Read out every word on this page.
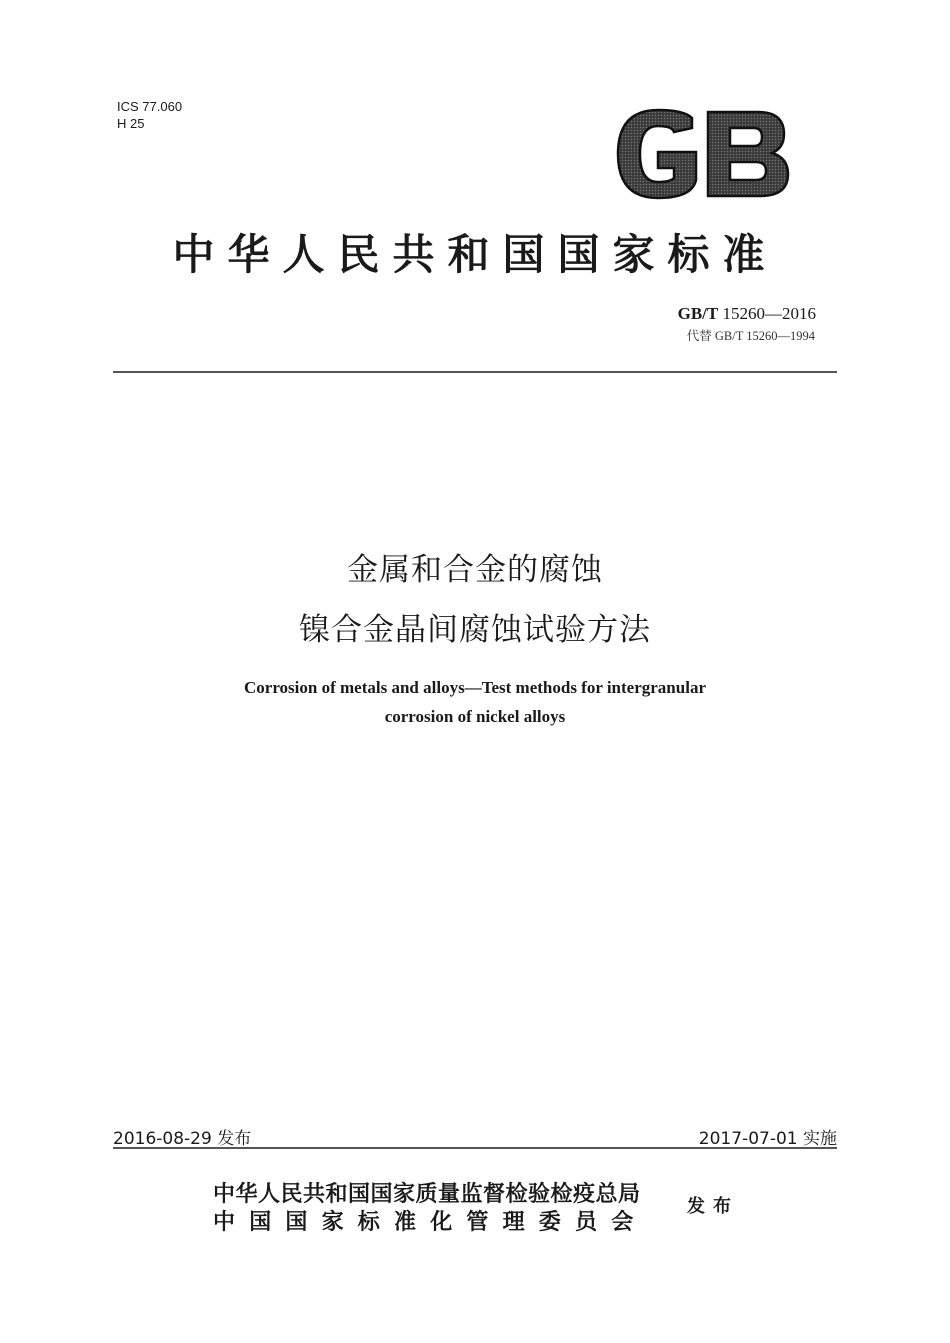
ICS 77.060
H 25
GB
中华人民共和国国家标准
GB/T 15260—2016
代替 GB/T 15260—1994
金属和合金的腐蚀
镍合金晶间腐蚀试验方法
Corrosion of metals and alloys—Test methods for intergranular
corrosion of nickel alloys
2016-08-29 发布	2017-07-01 实施
中华人民共和国国家质量监督检验检疫总局
中国国家标准化管理委员会
发布
